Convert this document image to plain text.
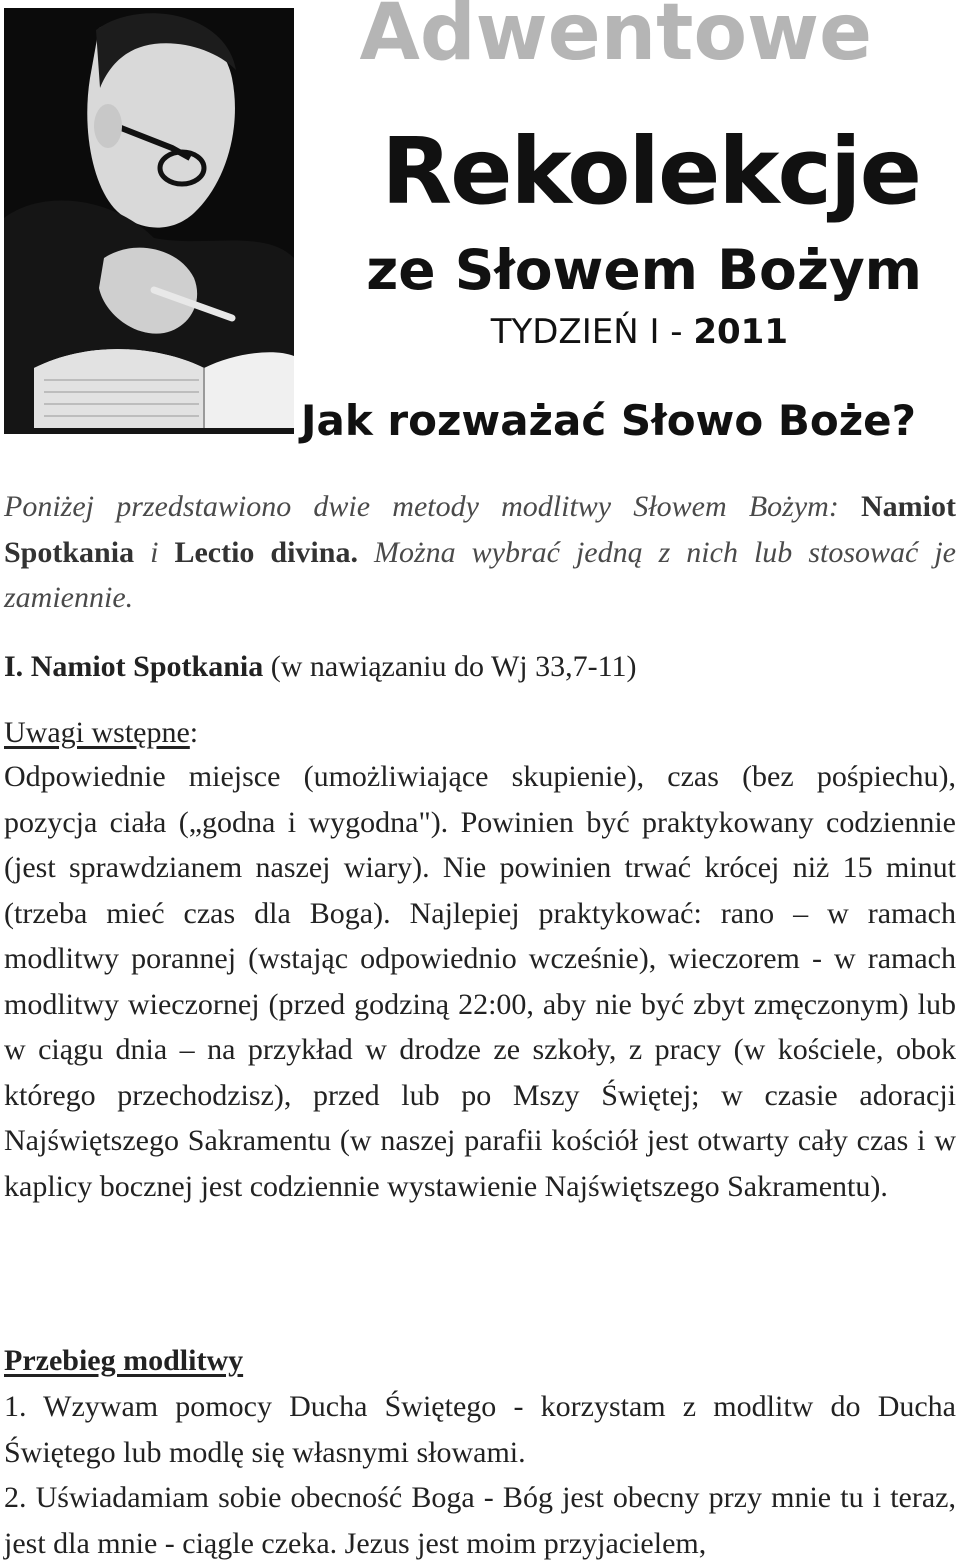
Adwentowe
Rekolekcje
ze Słowem Bożym
TYDZIEŃ I - 2011
Jak rozważać Słowo Boże?

Poniżej przedstawiono dwie metody modlitwy Słowem Bożym: Namiot Spotkania i Lectio divina. Można wybrać jedną z nich lub stosować je zamiennie.

I. Namiot Spotkania (w nawiązaniu do Wj 33,7-11)

Uwagi wstępne:

Odpowiednie miejsce (umożliwiające skupienie), czas (bez pośpiechu), pozycja ciała („godna i wygodna"). Powinien być praktykowany codziennie (jest sprawdzianem naszej wiary). Nie powinien trwać krócej niż 15 minut (trzeba mieć czas dla Boga). Najlepiej praktykować: rano – w ramach modlitwy porannej (wstając odpowiednio wcześnie), wieczorem - w ramach modlitwy wieczornej (przed godziną 22:00, aby nie być zbyt zmęczonym) lub w ciągu dnia – na przykład w drodze ze szkoły, z pracy (w kościele, obok którego przechodzisz), przed lub po Mszy Świętej; w czasie adoracji Najświętszego Sakramentu (w naszej parafii kościół jest otwarty cały czas i w kaplicy bocznej jest codziennie wystawienie Najświętszego Sakramentu).

Przebieg modlitwy

1. Wzywam pomocy Ducha Świętego - korzystam z modlitw do Ducha Świętego lub modlę się własnymi słowami.

2. Uświadamiam sobie obecność Boga - Bóg jest obecny przy mnie tu i teraz, jest dla mnie - ciągle czeka. Jezus jest moim przyjacielem,
